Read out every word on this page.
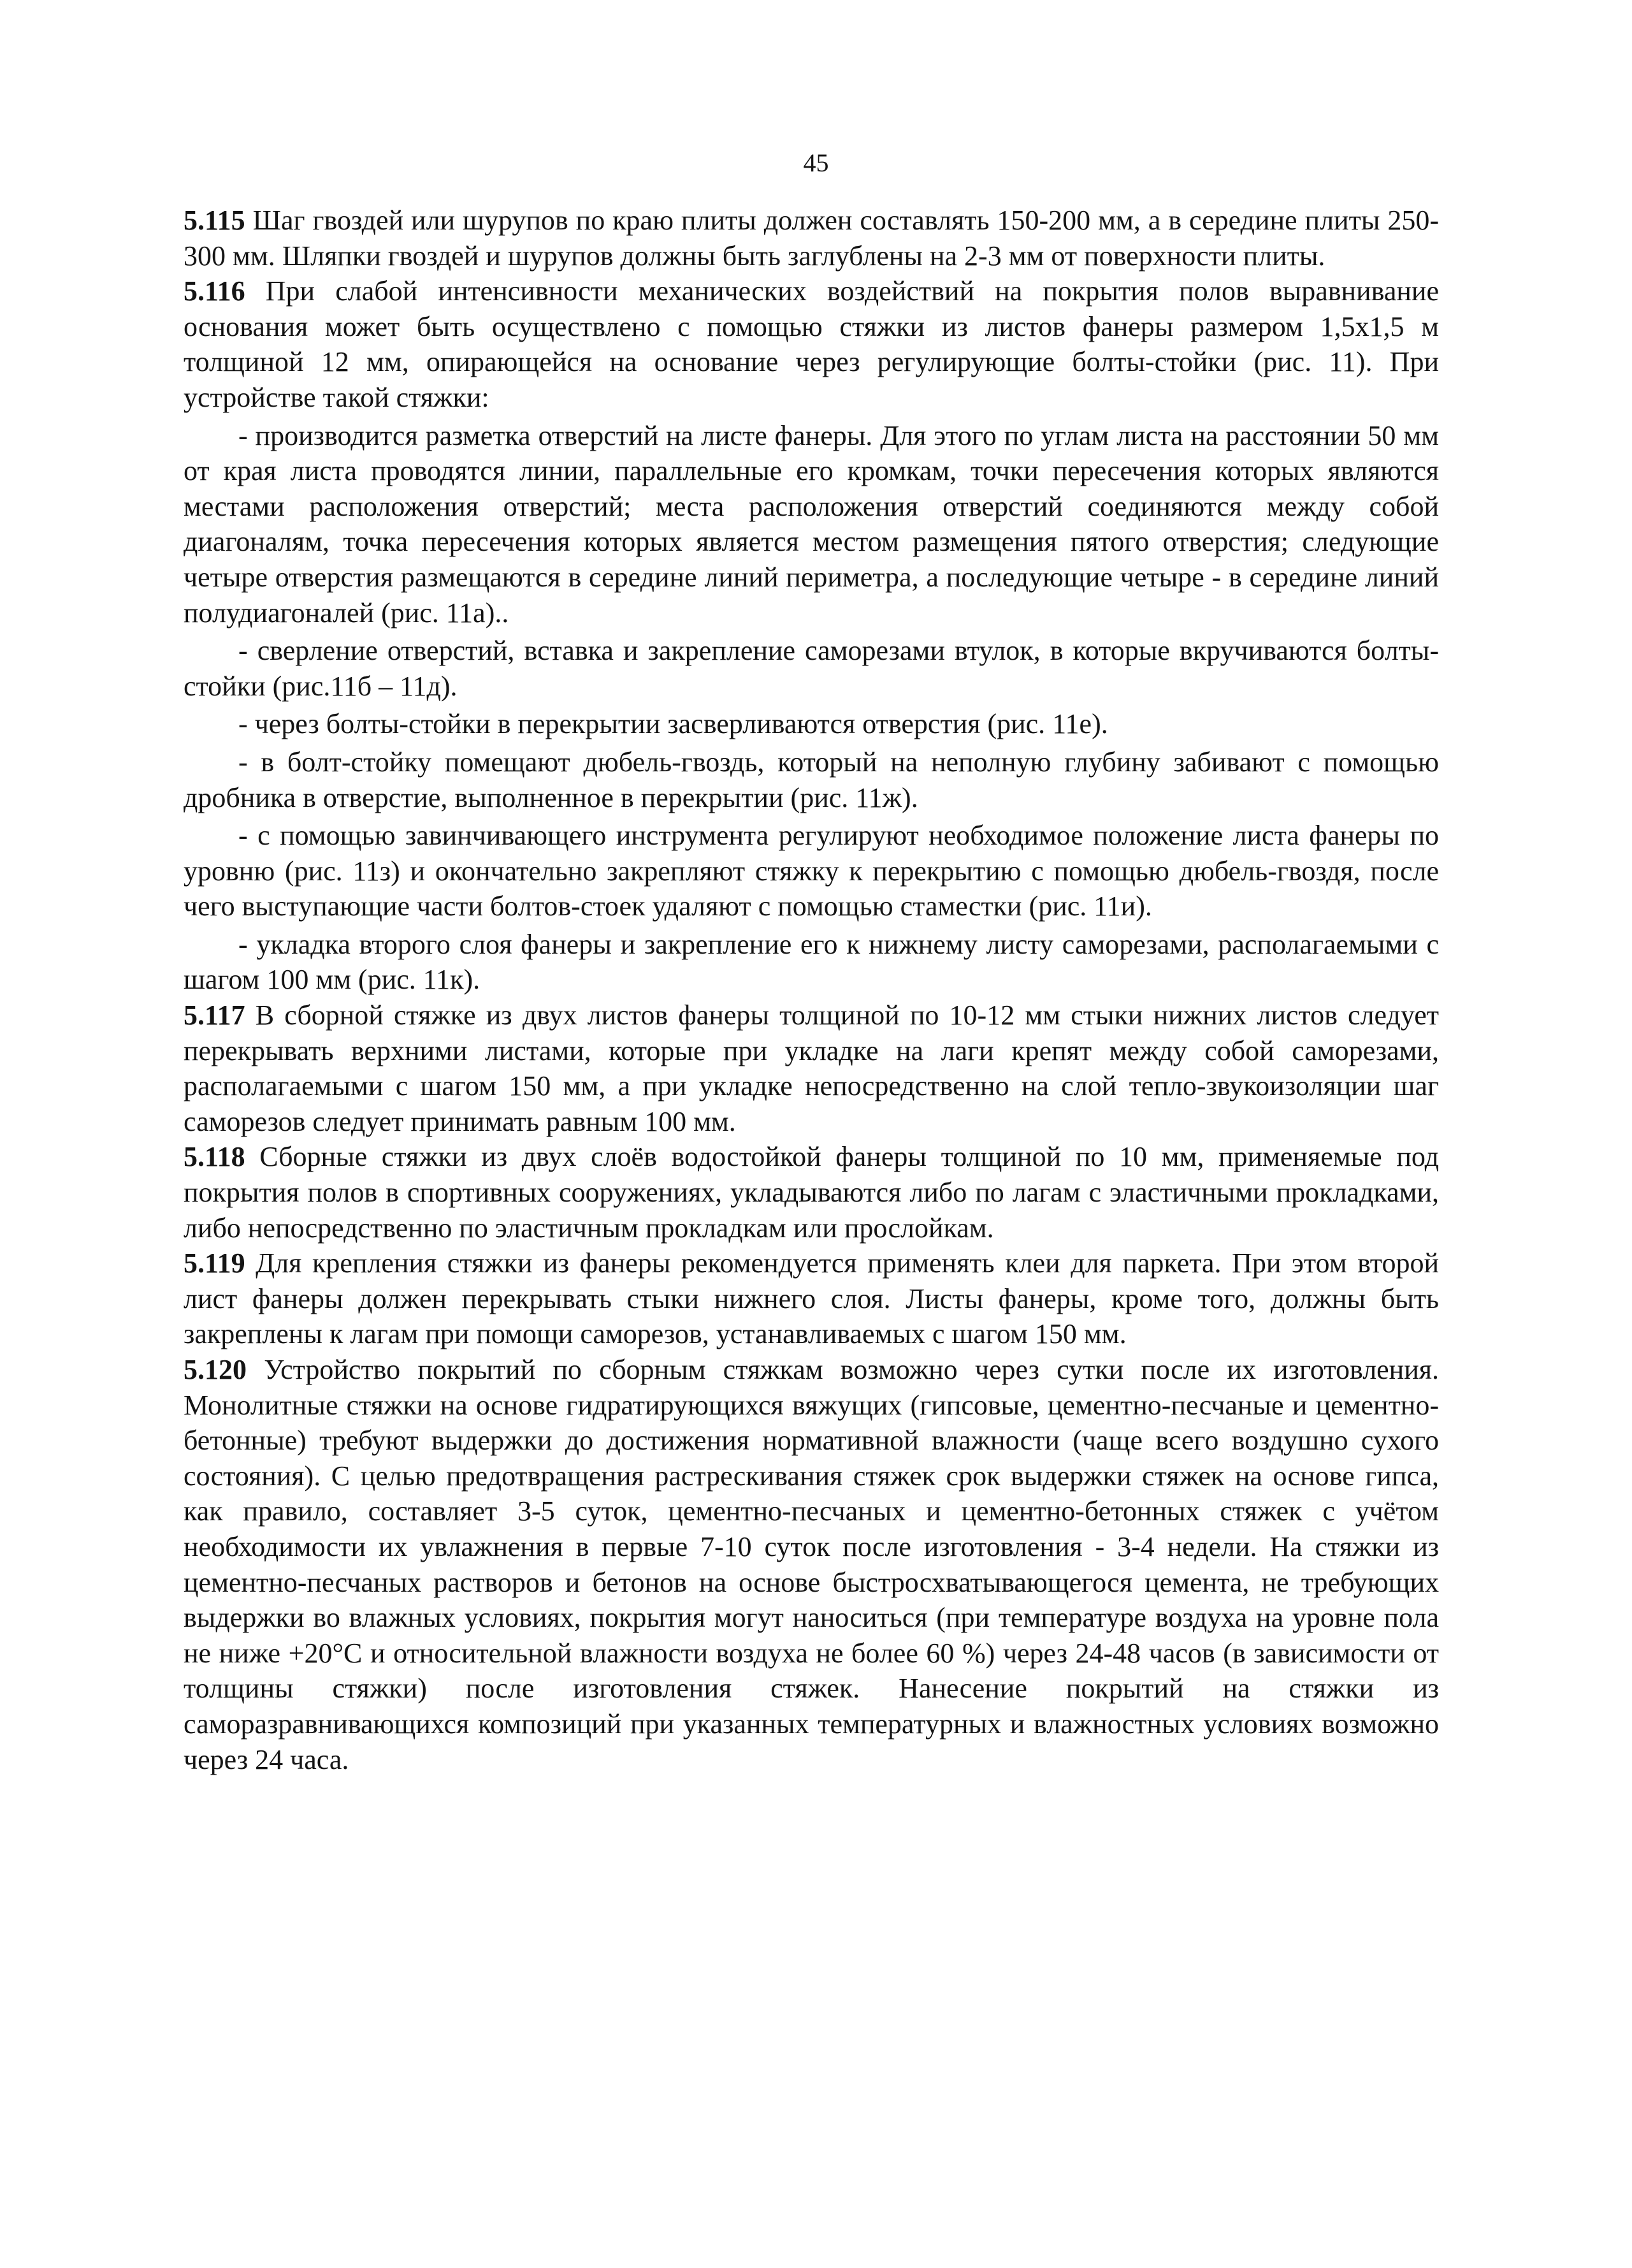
45

5.115 Шаг гвоздей или шурупов по краю плиты должен составлять 150-200 мм, а в середине плиты 250-300 мм. Шляпки гвоздей и шурупов должны быть заглублены на 2-3 мм от поверхности плиты.

5.116 При слабой интенсивности механических воздействий на покрытия полов выравнивание основания может быть осуществлено с помощью стяжки из листов фанеры размером 1,5х1,5 м толщиной 12 мм, опирающейся на основание через регулирующие болты-стойки (рис. 11). При устройстве такой стяжки:

- производится разметка отверстий на листе фанеры. Для этого по углам листа на расстоянии 50 мм от края листа проводятся линии, параллельные его кромкам, точки пересечения которых являются местами расположения отверстий; места расположения отверстий соединяются между собой диагоналям, точка пересечения которых является местом размещения пятого отверстия; следующие четыре отверстия размещаются в середине линий периметра, а последующие четыре - в середине линий полудиагоналей (рис. 11а)..

- сверление отверстий, вставка и закрепление саморезами втулок, в которые вкручиваются болты-стойки (рис.11б – 11д).

- через болты-стойки в перекрытии засверливаются отверстия (рис. 11е).

- в болт-стойку помещают дюбель-гвоздь, который на неполную глубину забивают с помощью дробника в отверстие, выполненное в перекрытии (рис. 11ж).

- с помощью завинчивающего инструмента регулируют необходимое положение листа фанеры по уровню (рис. 11з) и окончательно закрепляют стяжку к перекрытию с помощью дюбель-гвоздя, после чего выступающие части болтов-стоек удаляют с помощью стаместки (рис. 11и).

- укладка второго слоя фанеры и закрепление его к нижнему листу саморезами, располагаемыми с шагом 100 мм (рис. 11к).

5.117 В сборной стяжке из двух листов фанеры толщиной по 10-12 мм стыки нижних листов следует перекрывать верхними листами, которые при укладке на лаги крепят между собой саморезами, располагаемыми с шагом 150 мм, а при укладке непосредственно на слой тепло-звукоизоляции шаг саморезов следует принимать равным 100 мм.

5.118 Сборные стяжки из двух слоёв водостойкой фанеры толщиной по 10 мм, применяемые под покрытия полов в спортивных сооружениях, укладываются либо по лагам с эластичными прокладками, либо непосредственно по эластичным прокладкам или прослойкам.

5.119 Для крепления стяжки из фанеры рекомендуется применять клеи для паркета. При этом второй лист фанеры должен перекрывать стыки нижнего слоя. Листы фанеры, кроме того, должны быть закреплены к лагам при помощи саморезов, устанавливаемых с шагом 150 мм.

5.120 Устройство покрытий по сборным стяжкам возможно через сутки после их изготовления. Монолитные стяжки на основе гидратирующихся вяжущих (гипсовые, цементно-песчаные и цементно-бетонные) требуют выдержки до достижения нормативной влажности (чаще всего воздушно сухого состояния). С целью предотвращения растрескивания стяжек срок выдержки стяжек на основе гипса, как правило, составляет 3-5 суток, цементно-песчаных и цементно-бетонных стяжек с учётом необходимости их увлажнения в первые 7-10 суток после изготовления - 3-4 недели. На стяжки из цементно-песчаных растворов и бетонов на основе быстросхватывающегося цемента, не требующих выдержки во влажных условиях, покрытия могут наноситься (при температуре воздуха на уровне пола не ниже +20°С и относительной влажности воздуха не более 60 %) через 24-48 часов (в зависимости от толщины стяжки) после изготовления стяжек. Нанесение покрытий на стяжки из саморазравнивающихся композиций при указанных температурных и влажностных условиях возможно через 24 часа.
